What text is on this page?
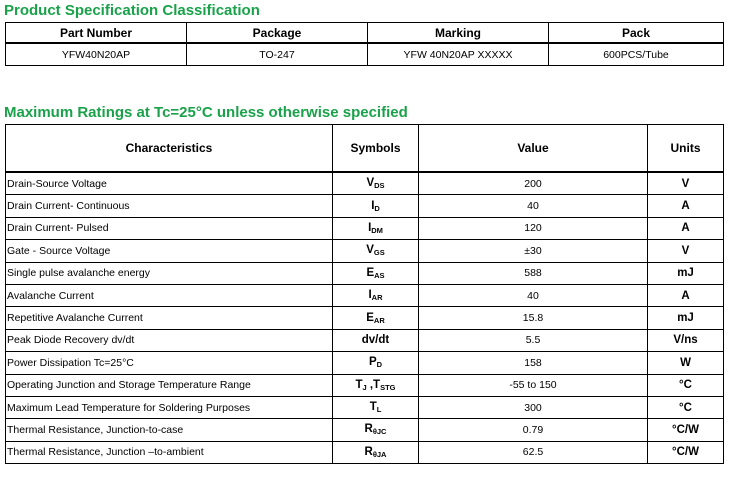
Product Specification Classification
Part Number	Package	Marking	Pack
YFW40N20AP	TO-247	YFW 40N20AP XXXXX	600PCS/Tube
Maximum Ratings at Tc=25°C unless otherwise specified
Characteristics	Symbols	Value	Units
Drain-Source Voltage	$V_{DS}$	200	V
Drain Current- Continuous	$I_D$	40	A
Drain Current- Pulsed	$I_{DM}$	120	A
Gate - Source Voltage	$V_{GS}$	±30	V
Single pulse avalanche energy	$E_{AS}$	588	mJ
Avalanche Current	$I_{AR}$	40	A
Repetitive Avalanche Current	$E_{AR}$	15.8	mJ
Peak Diode Recovery dv/dt	dv/dt	5.5	V/ns
Power Dissipation Tc=25°C	$P_D$	158	W
Operating Junction and Storage Temperature Range	$T_J$ $,T_{STG}$	-55 to 150	°C
Maximum Lead Temperature for Soldering Purposes	$T_L$	300	°C
Thermal Resistance, Junction-to-case	$R_{\theta JC}$	0.79	°C/W
Thermal Resistance, Junction –to-ambient	$R_{\theta JA}$	62.5	°C/W
